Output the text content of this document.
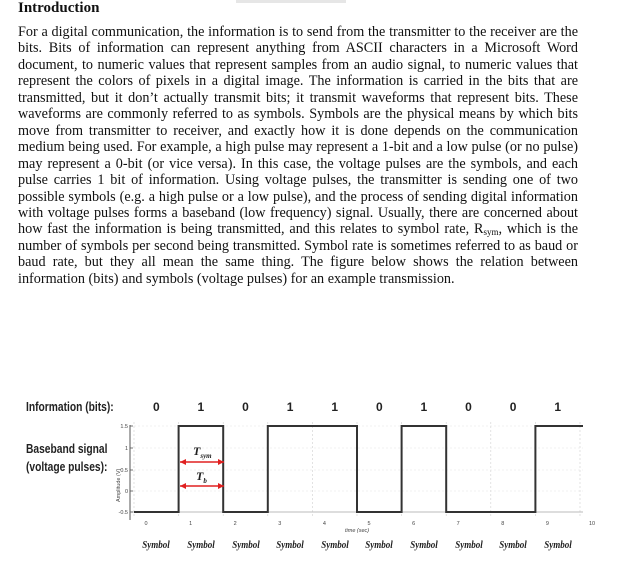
Introduction

For a digital communication, the information is to send from the transmitter to the receiver are the bits. Bits of information can represent anything from ASCII characters in a Microsoft Word document, to numeric values that represent samples from an audio signal, to numeric values that represent the colors of pixels in a digital image. The information is carried in the bits that are transmitted, but it don’t actually transmit bits; it transmit waveforms that represent bits. These waveforms are commonly referred to as symbols. Symbols are the physical means by which bits move from transmitter to receiver, and exactly how it is done depends on the communication medium being used. For example, a high pulse may represent a 1-bit and a low pulse (or no pulse) may represent a 0-bit (or vice versa). In this case, the voltage pulses are the symbols, and each pulse carries 1 bit of information. Using voltage pulses, the transmitter is sending one of two possible symbols (e.g. a high pulse or a low pulse), and the process of sending digital information with voltage pulses forms a baseband (low frequency) signal. Usually, there are concerned about how fast the information is being transmitted, and this relates to symbol rate, $R_{sym}$, which is the number of symbols per second being transmitted. Symbol rate is sometimes referred to as baud or baud rate, but they all mean the same thing. The figure below shows the relation between information (bits) and symbols (voltage pulses) for an example transmission.

$T_{sym}$
$T_b$
1.5
1
0.5
0
-0.5
0	1	2	3	4	5	6	7	8	9	10
Amplitude (V)
time (sec)
Information (bits):
Baseband signal
(voltage pulses):
0	1	0	1	1	0	1	0	0	1
Symbol	Symbol	Symbol	Symbol	Symbol	Symbol	Symbol	Symbol	Symbol	Symbol
